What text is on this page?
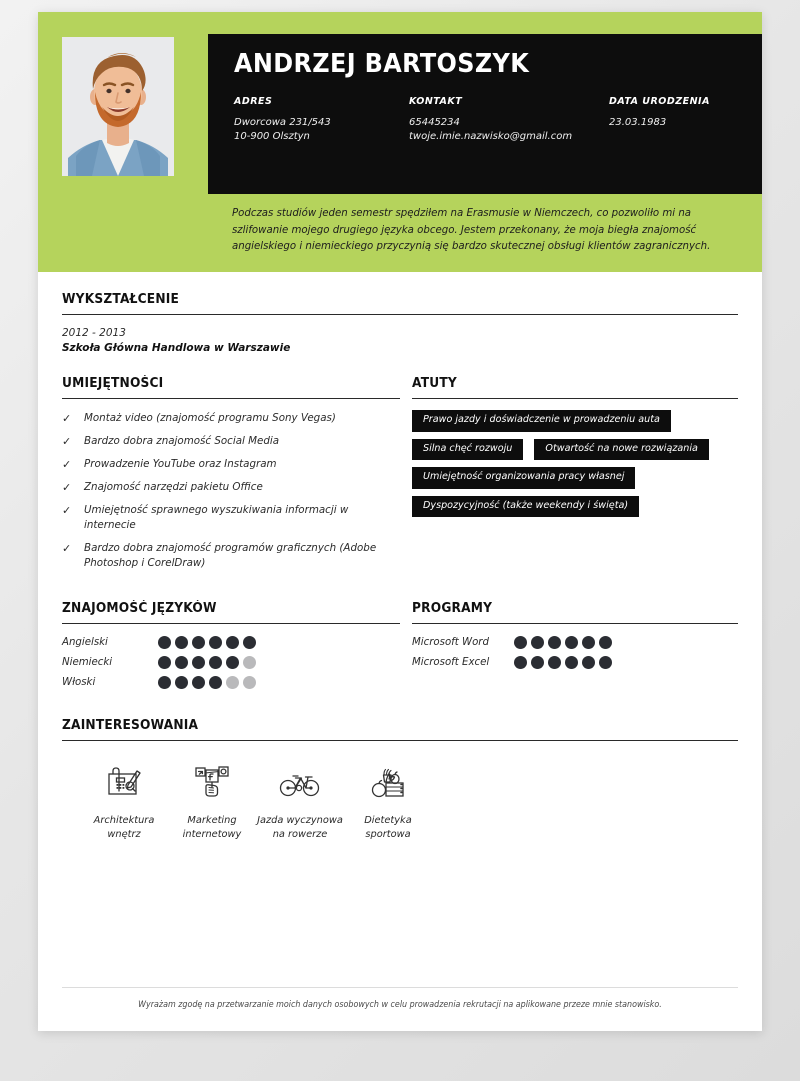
ANDRZEJ BARTOSZYK
ADRES
Dworcowa 231/543
10-900 Olsztyn
KONTAKT
65445234
twoje.imie.nazwisko@gmail.com
DATA URODZENIA
23.03.1983
Podczas studiów jeden semestr spędziłem na Erasmusie w Niemczech, co pozwoliło mi na szlifowanie mojego drugiego języka obcego. Jestem przekonany, że moja biegła znajomość angielskiego i niemieckiego przyczynią się bardzo skutecznej obsługi klientów zagranicznych.
WYKSZTAŁCENIE
2012 - 2013
Szkoła Główna Handlowa w Warszawie
UMIEJĘTNOŚCI
✓	Montaż video (znajomość programu Sony Vegas)
✓	Bardzo dobra znajomość Social Media
✓	Prowadzenie YouTube oraz Instagram
✓	Znajomość narzędzi pakietu Office
✓	Umiejętność sprawnego wyszukiwania informacji w internecie
✓	Bardzo dobra znajomość programów graficznych (Adobe Photoshop i CorelDraw)
ATUTY
Prawo jazdy i doświadczenie w prowadzeniu auta
Silna chęć rozwoju	Otwartość na nowe rozwiązania
Umiejętność organizowania pracy własnej
Dyspozycyjność (także weekendy i święta)
ZNAJOMOŚĆ JĘZYKÓW
Angielski
Niemiecki
Włoski
PROGRAMY
Microsoft Word
Microsoft Excel
ZAINTERESOWANIA
Architektura wnętrz
Marketing internetowy
Jazda wyczynowa na rowerze
Dietetyka sportowa
Wyrażam zgodę na przetwarzanie moich danych osobowych w celu prowadzenia rekrutacji na aplikowane przeze mnie stanowisko.
